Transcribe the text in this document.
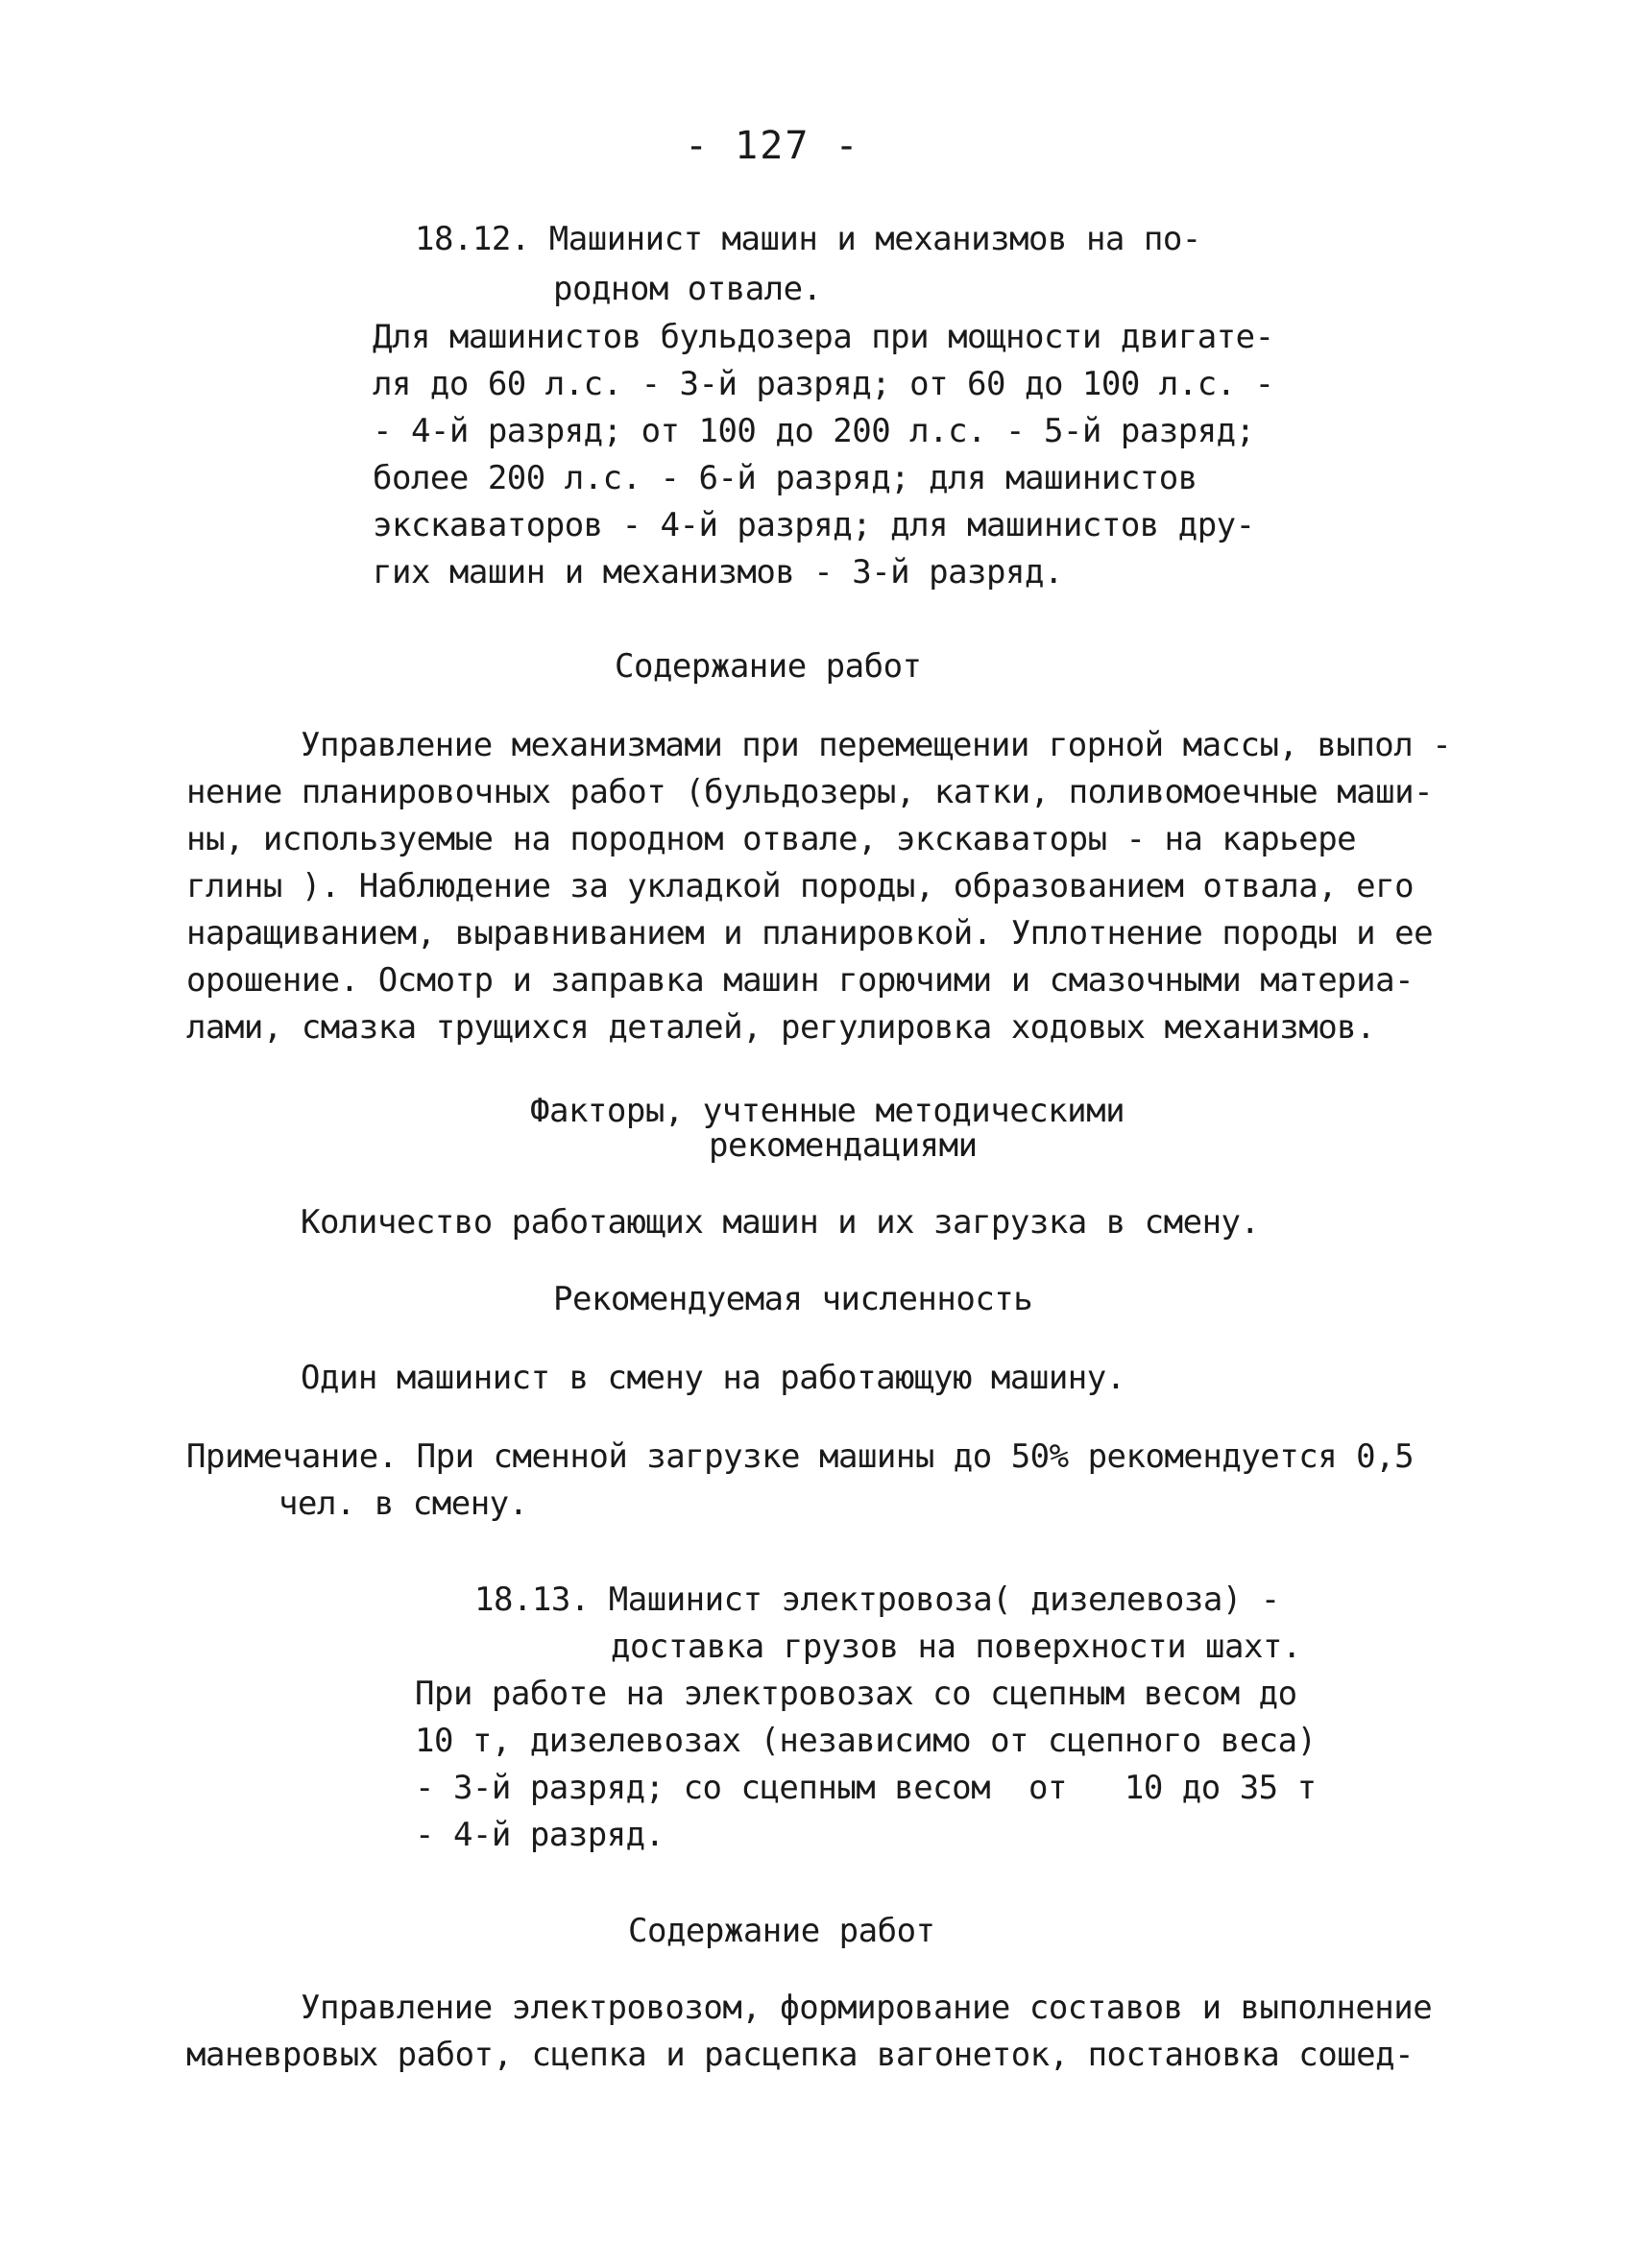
- 127 -
18.12. Машинист машин и механизмов на по-
родном отвале.
Для машинистов бульдозера при мощности двигате-
ля до 60 л.с. - 3-й разряд; от 60 до 100 л.с. -
- 4-й разряд; от 100 до 200 л.с. - 5-й разряд;
более 200 л.с. - 6-й разряд; для машинистов
экскаваторов - 4-й разряд; для машинистов дру-
гих машин и механизмов - 3-й разряд.
Содержание работ
Управление механизмами при перемещении горной массы, выпол -
нение планировочных работ (бульдозеры, катки, поливомоечные маши-
ны, используемые на породном отвале, экскаваторы - на карьере
глины ). Наблюдение за укладкой породы, образованием отвала, его
наращиванием, выравниванием и планировкой. Уплотнение породы и ее
орошение. Осмотр и заправка машин горючими и смазочными материа-
лами, смазка трущихся деталей, регулировка ходовых механизмов.
Факторы, учтенные методическими
рекомендациями
Количество работающих машин и их загрузка в смену.
Рекомендуемая численность
Один машинист в смену на работающую машину.
Примечание. При сменной загрузке машины до 50% рекомендуется 0,5
чел. в смену.
18.13. Машинист электровоза( дизелевоза) -
доставка грузов на поверхности шахт.
При работе на электровозах со сцепным весом до
10 т, дизелевозах (независимо от сцепного веса)
- 3-й разряд; со сцепным весом  от   10 до 35 т
- 4-й разряд.
Содержание работ
Управление электровозом, формирование составов и выполнение
маневровых работ, сцепка и расцепка вагонеток, постановка сошед-
